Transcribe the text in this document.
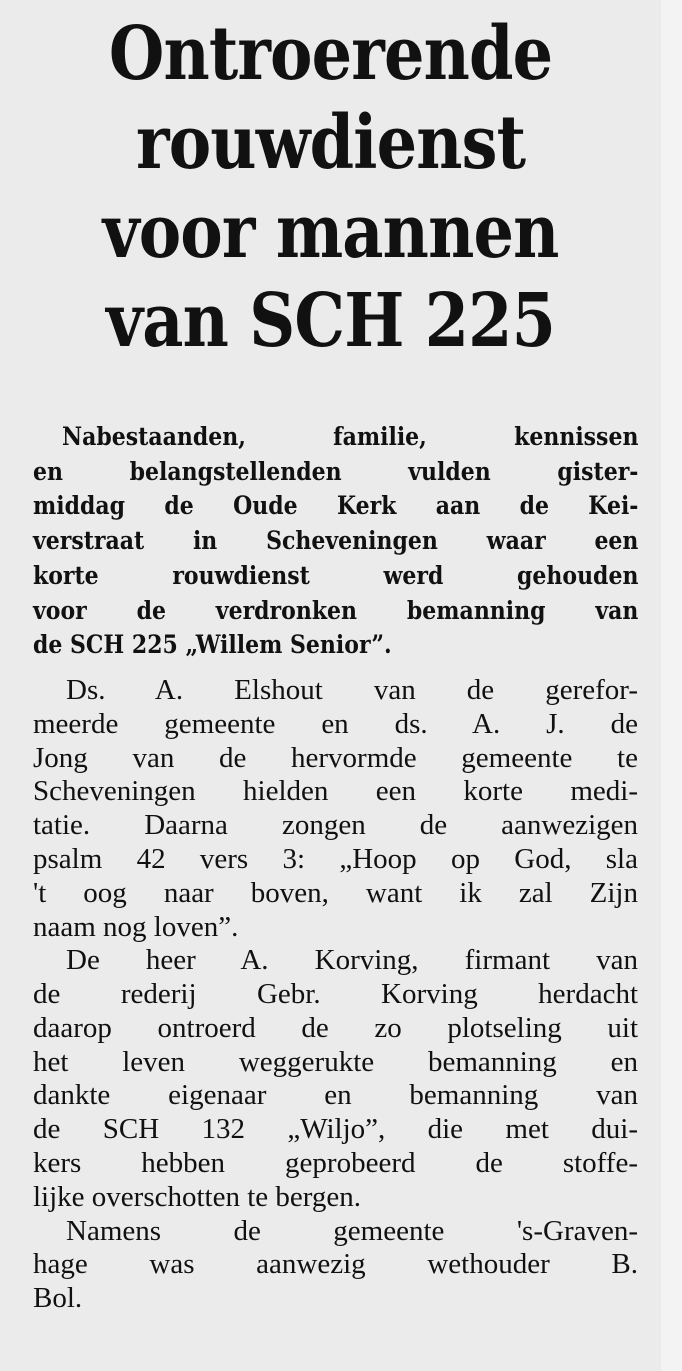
Ontroerende
rouwdienst
voor mannen
van SCH 225
Nabestaanden, familie, kennissen
en belangstellenden vulden gister-
middag de Oude Kerk aan de Kei-
verstraat in Scheveningen waar een
korte rouwdienst werd gehouden
voor de verdronken bemanning van
de SCH 225 „Willem Senior”.
Ds. A. Elshout van de gerefor-
meerde gemeente en ds. A. J. de
Jong van de hervormde gemeente te
Scheveningen hielden een korte medi-
tatie. Daarna zongen de aanwezigen
psalm 42 vers 3: „Hoop op God, sla
't oog naar boven, want ik zal Zijn
naam nog loven”.
De heer A. Korving, firmant van
de rederij Gebr. Korving herdacht
daarop ontroerd de zo plotseling uit
het leven weggerukte bemanning en
dankte eigenaar en bemanning van
de SCH 132 „Wiljo”, die met dui-
kers hebben geprobeerd de stoffe-
lijke overschotten te bergen.
Namens de gemeente 's-Graven-
hage was aanwezig wethouder B.
Bol.
